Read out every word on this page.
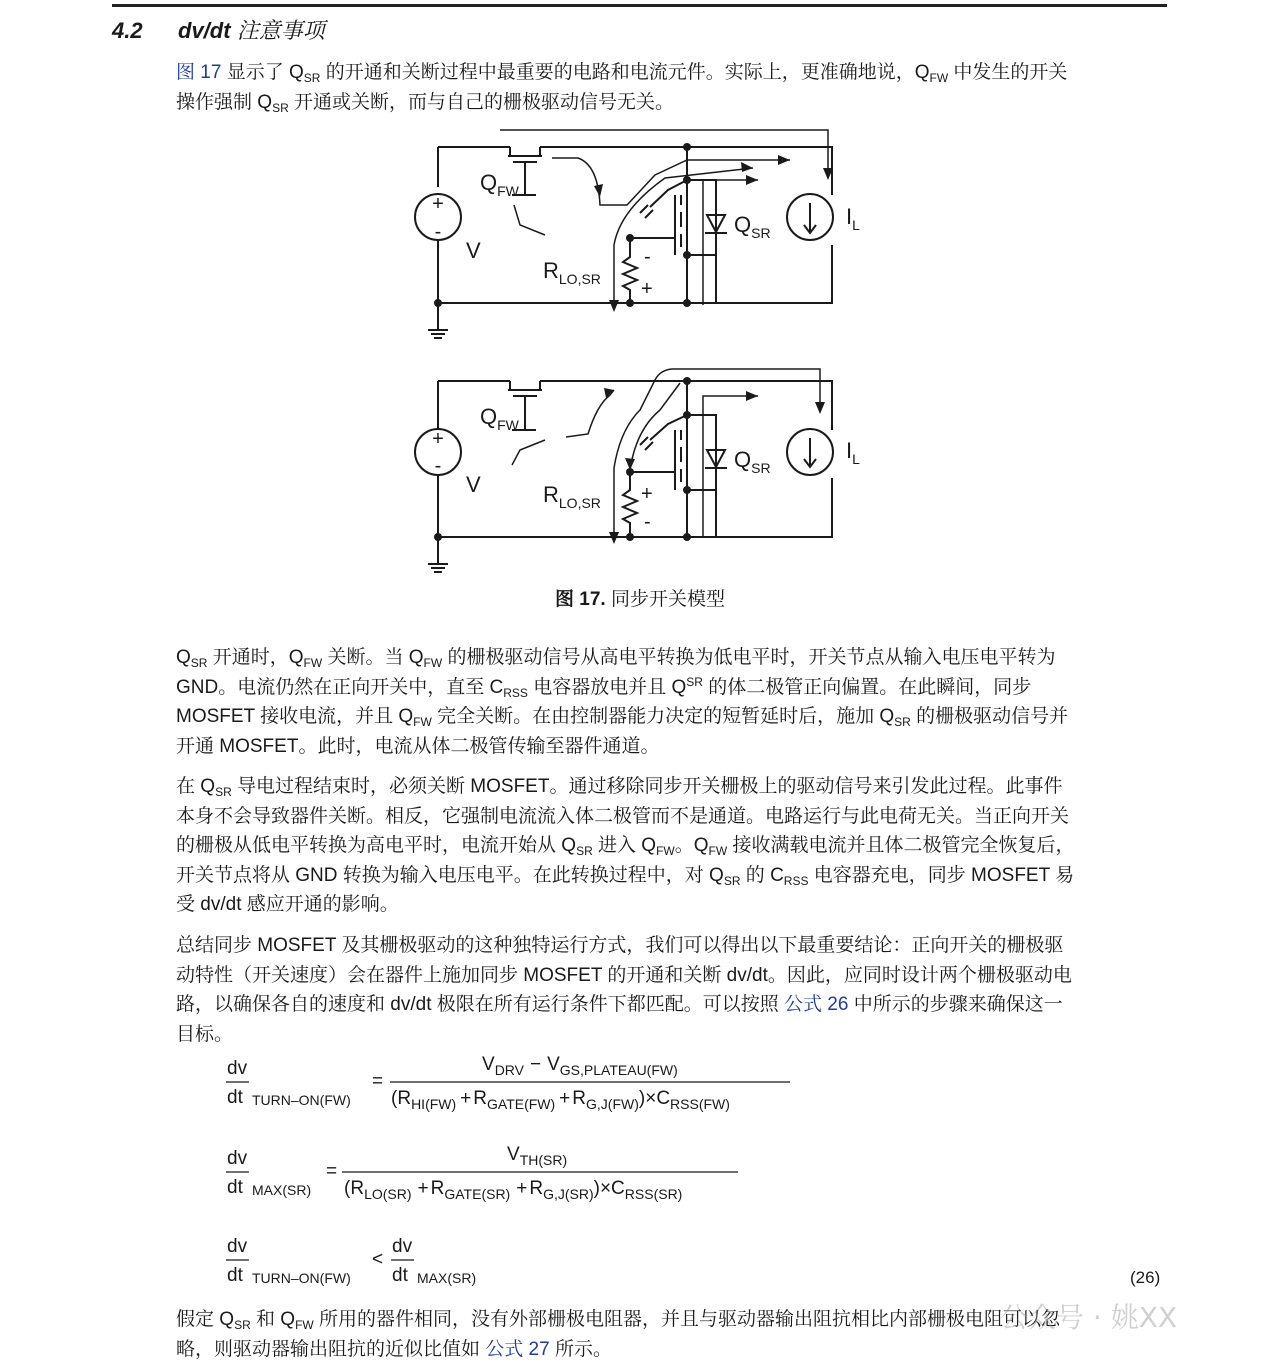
4.2 dv/dt 注意事项

图 17 显示了 $Q_{SR}$ 的开通和关断过程中最重要的电路和电流元件。实际上，更准确地说，$Q_{FW}$ 中发生的开关
操作强制 $Q_{SR}$ 开通或关断，而与自己的栅极驱动信号无关。

+
-
$Q_{FW}$
V
$R_{LO,SR}$
-
+
$Q_{SR}$
$I_L$
+
-
$Q_{FW}$
V	$R_{LO,SR}$ +
-
$Q_{SR}$
$I_L$
图 17. 同步开关模型

$Q_{SR}$ 开通时，$Q_{FW}$ 关断。当 $Q_{FW}$ 的栅极驱动信号从高电平转换为低电平时，开关节点从输入电压电平转为
GND。电流仍然在正向开关中，直至 $C_{RSS}$ 电容器放电并且 $Q^{SR}$ 的体二极管正向偏置。在此瞬间，同步
MOSFET 接收电流，并且 $Q_{FW}$ 完全关断。在由控制器能力决定的短暂延时后，施加 $Q_{SR}$ 的栅极驱动信号并
开通 MOSFET。此时，电流从体二极管传输至器件通道。

在 $Q_{SR}$ 导电过程结束时，必须关断 MOSFET。通过移除同步开关栅极上的驱动信号来引发此过程。此事件
本身不会导致器件关断。相反，它强制电流流入体二极管而不是通道。电路运行与此电荷无关。当正向开关
的栅极从低电平转换为高电平时，电流开始从 $Q_{SR}$ 进入 $Q_{FW}$。$Q_{FW}$ 接收满载电流并且体二极管完全恢复后，
开关节点将从 GND 转换为输入电压电平。在此转换过程中，对 $Q_{SR}$ 的 $C_{RSS}$ 电容器充电，同步 MOSFET 易
受 dv/dt 感应开通的影响。

总结同步 MOSFET 及其栅极驱动的这种独特运行方式，我们可以得出以下最重要结论：正向开关的栅极驱
动特性（开关速度）会在器件上施加同步 MOSFET 的开通和关断 dv/dt。因此，应同时设计两个栅极驱动电
路，以确保各自的速度和 dv/dt 极限在所有运行条件下都匹配。可以按照 公式 26 中所示的步骤来确保这一
目标。

dv
dt TURN–ON(FW)
=
$V_{DRV} - V_{GS,PLATEAU(FW)}$
$(R_{HI(FW)} + R_{GATE(FW)} + R_{G,J(FW)})\times C_{RSS(FW)}$
dv
dt MAX(SR)
=
$V_{TH(SR)}$
$(R_{LO(SR)} + R_{GATE(SR)} + R_{G,J(SR)})\times C_{RSS(SR)}$
dv
dt TURN–ON(FW)
<
dv
dt MAX(SR)	(26)

假定 $Q_{SR}$ 和 $Q_{FW}$ 所用的器件相同，没有外部栅极电阻器，并且与驱动器输出阻抗相比内部栅极电阻可以忽
略，则驱动器输出阻抗的近似比值如 公式 27 所示。

公众号 · 姚XX
